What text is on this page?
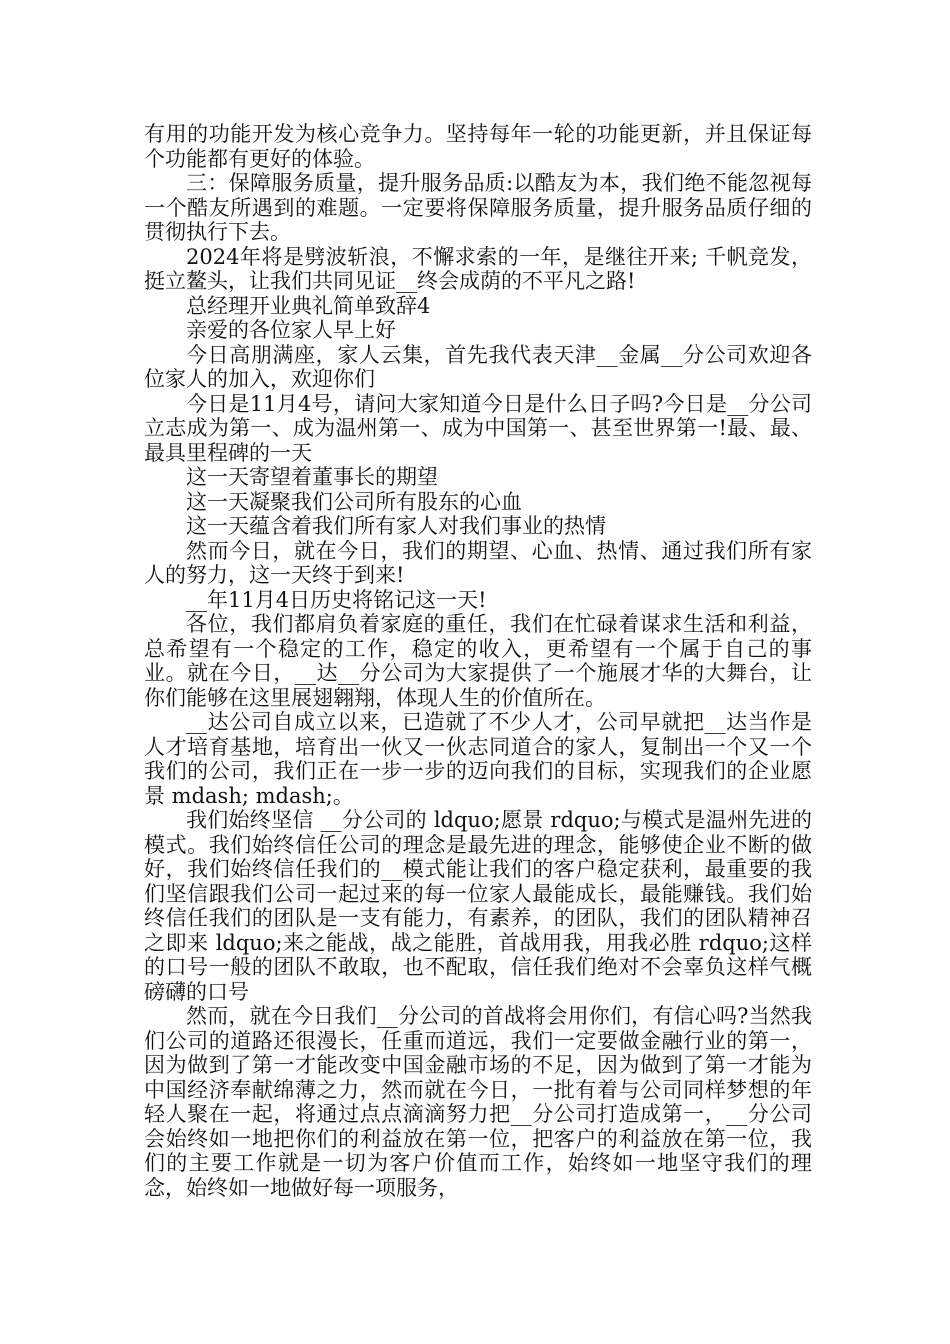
有用的功能开发为核心竞争力。坚持每年一轮的功能更新，并且保证每个功能都有更好的体验。

三：保障服务质量，提升服务品质:以酷友为本，我们绝不能忽视每一个酷友所遇到的难题。一定要将保障服务质量，提升服务品质仔细的贯彻执行下去。

2024年将是劈波斩浪，不懈求索的一年，是继往开来; 千帆竞发，挺立鳌头，让我们共同见证__终会成荫的不平凡之路!

总经理开业典礼简单致辞4

亲爱的各位家人早上好

今日高朋满座，家人云集，首先我代表天津__金属__分公司欢迎各位家人的加入，欢迎你们

今日是11月4号，请问大家知道今日是什么日子吗?今日是__分公司立志成为第一、成为温州第一、成为中国第一、甚至世界第一!最、最、最具里程碑的一天

这一天寄望着董事长的期望

这一天凝聚我们公司所有股东的心血

这一天蕴含着我们所有家人对我们事业的热情

然而今日，就在今日，我们的期望、心血、热情、通过我们所有家人的努力，这一天终于到来!

__年11月4日历史将铭记这一天!

各位，我们都肩负着家庭的重任，我们在忙碌着谋求生活和利益，总希望有一个稳定的工作，稳定的收入，更希望有一个属于自己的事业。就在今日，__达__分公司为大家提供了一个施展才华的大舞台，让你们能够在这里展翅翱翔，体现人生的价值所在。

__达公司自成立以来，已造就了不少人才，公司早就把__达当作是人才培育基地，培育出一伙又一伙志同道合的家人，复制出一个又一个我们的公司，我们正在一步一步的迈向我们的目标，实现我们的企业愿景 mdash; mdash;。

我们始终坚信 __分公司的 ldquo;愿景 rdquo;与模式是温州先进的模式。我们始终信任公司的理念是最先进的理念，能够使企业不断的做好，我们始终信任我们的__模式能让我们的客户稳定获利，最重要的我们坚信跟我们公司一起过来的每一位家人最能成长，最能赚钱。我们始终信任我们的团队是一支有能力，有素养，的团队，我们的团队精神召之即来 ldquo;来之能战，战之能胜，首战用我，用我必胜 rdquo;这样的口号一般的团队不敢取，也不配取，信任我们绝对不会辜负这样气概磅礴的口号

然而，就在今日我们__分公司的首战将会用你们，有信心吗?当然我们公司的道路还很漫长，任重而道远，我们一定要做金融行业的第一，因为做到了第一才能改变中国金融市场的不足，因为做到了第一才能为中国经济奉献绵薄之力，然而就在今日，一批有着与公司同样梦想的年轻人聚在一起，将通过点点滴滴努力把__分公司打造成第一，__分公司会始终如一地把你们的利益放在第一位，把客户的利益放在第一位，我们的主要工作就是一切为客户价值而工作，始终如一地坚守我们的理念，始终如一地做好每一项服务，
